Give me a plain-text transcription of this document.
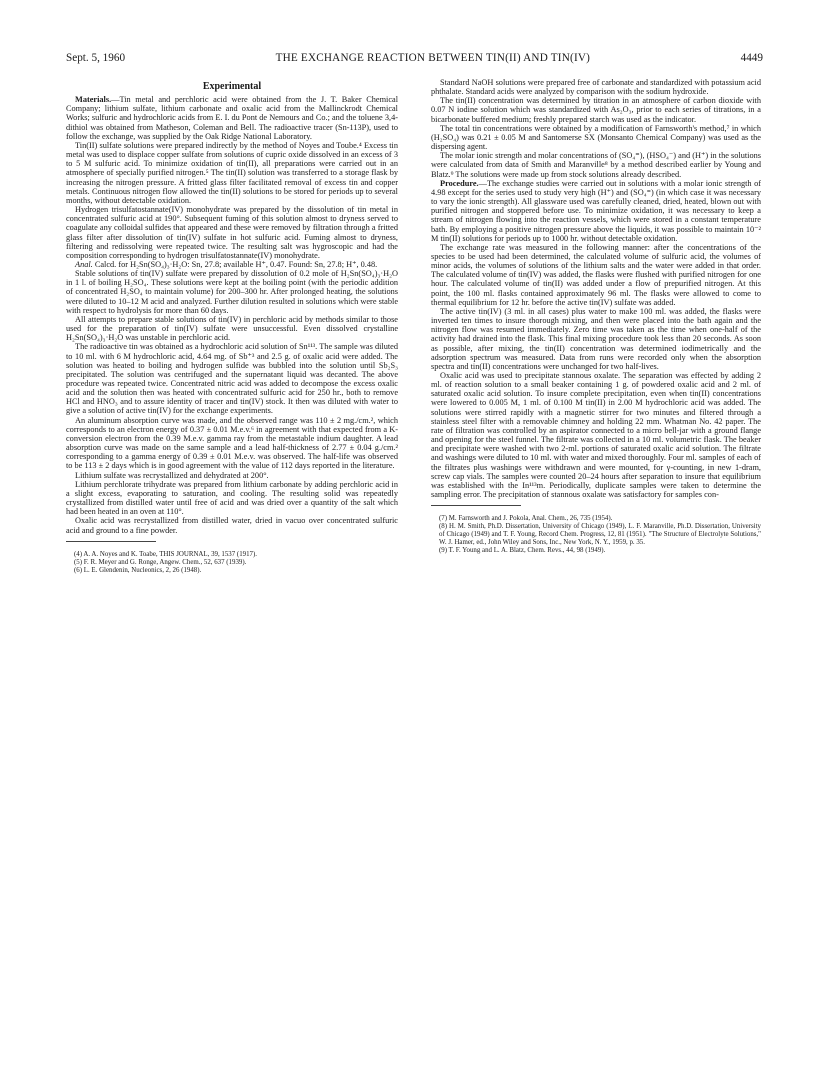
Sept. 5, 1960	THE EXCHANGE REACTION BETWEEN TIN(II) AND TIN(IV)	4449
Experimental

Materials.—Tin metal and perchloric acid were obtained from the J. T. Baker Chemical Company; lithium sulfate, lithium carbonate and oxalic acid from the Mallinckrodt Chemical Works; sulfuric and hydrochloric acids from E. I. du Pont de Nemours and Co.; and the toluene 3,4-dithiol was obtained from Matheson, Coleman and Bell. The radioactive tracer (Sn-113P), used to follow the exchange, was supplied by the Oak Ridge National Laboratory.

Tin(II) sulfate solutions were prepared indirectly by the method of Noyes and Toube.⁴ Excess tin metal was used to displace copper sulfate from solutions of cupric oxide dissolved in an excess of 3 to 5 M sulfuric acid. To minimize oxidation of tin(II), all preparations were carried out in an atmosphere of specially purified nitrogen.⁵ The tin(II) solution was transferred to a storage flask by increasing the nitrogen pressure. A fritted glass filter facilitated removal of excess tin and copper metals. Continuous nitrogen flow allowed the tin(II) solutions to be stored for periods up to several months, without detectable oxidation.

Hydrogen trisulfatostannate(IV) monohydrate was prepared by the dissolution of tin metal in concentrated sulfuric acid at 190°. Subsequent fuming of this solution almost to dryness served to coagulate any colloidal sulfides that appeared and these were removed by filtration through a fritted glass filter after dissolution of tin(IV) sulfate in hot sulfuric acid. Fuming almost to dryness, filtering and redissolving were repeated twice. The resulting salt was hygroscopic and had the composition corresponding to hydrogen trisulfatostannate(IV) monohydrate.

Anal. Calcd. for H₂Sn(SO₄)₃·H₂O: Sn, 27.8; available H⁺, 0.47. Found: Sn, 27.8; H⁺, 0.48.

Stable solutions of tin(IV) sulfate were prepared by dissolution of 0.2 mole of H₂Sn(SO₄)₃·H₂O in 1 l. of boiling H₂SO₄. These solutions were kept at the boiling point (with the periodic addition of concentrated H₂SO₄ to maintain volume) for 200–300 hr. After prolonged heating, the solutions were diluted to 10–12 M acid and analyzed. Further dilution resulted in solutions which were stable with respect to hydrolysis for more than 60 days.

All attempts to prepare stable solutions of tin(IV) in perchloric acid by methods similar to those used for the preparation of tin(IV) sulfate were unsuccessful. Even dissolved crystalline H₂Sn(SO₄)₃·H₂O was unstable in perchloric acid.

The radioactive tin was obtained as a hydrochloric acid solution of Sn¹¹³. The sample was diluted to 10 ml. with 6 M hydrochloric acid, 4.64 mg. of Sb⁺³ and 2.5 g. of oxalic acid were added. The solution was heated to boiling and hydrogen sulfide was bubbled into the solution until Sb₂S₃ precipitated. The solution was centrifuged and the supernatant liquid was decanted. The above procedure was repeated twice. Concentrated nitric acid was added to decompose the excess oxalic acid and the solution then was heated with concentrated sulfuric acid for 250 hr., both to remove HCl and HNO₃ and to assure identity of tracer and tin(IV) stock. It then was diluted with water to give a solution of active tin(IV) for the exchange experiments.

An aluminum absorption curve was made, and the observed range was 110 ± 2 mg./cm.², which corresponds to an electron energy of 0.37 ± 0.01 M.e.v.⁶ in agreement with that expected from a K-conversion electron from the 0.39 M.e.v. gamma ray from the metastable indium daughter. A lead absorption curve was made on the same sample and a lead half-thickness of 2.77 ± 0.04 g./cm.² corresponding to a gamma energy of 0.39 ± 0.01 M.e.v. was observed. The half-life was observed to be 113 ± 2 days which is in good agreement with the value of 112 days reported in the literature.

Lithium sulfate was recrystallized and dehydrated at 200°.

Lithium perchlorate trihydrate was prepared from lithium carbonate by adding perchloric acid in a slight excess, evaporating to saturation, and cooling. The resulting solid was repeatedly crystallized from distilled water until free of acid and was dried over a quantity of the salt which had been heated in an oven at 110°.

Oxalic acid was recrystallized from distilled water, dried in vacuo over concentrated sulfuric acid and ground to a fine powder.

(4) A. A. Noyes and K. Toabe, THIS JOURNAL, 39, 1537 (1917).

(5) F. R. Meyer and G. Ronge, Angew. Chem., 52, 637 (1939).

(6) L. E. Glendenin, Nucleonics, 2, 26 (1948).

Standard NaOH solutions were prepared free of carbonate and standardized with potassium acid phthalate. Standard acids were analyzed by comparison with the sodium hydroxide.

The tin(II) concentration was determined by titration in an atmosphere of carbon dioxide with 0.07 N iodine solution which was standardized with As₂O₃, prior to each series of titrations, in a bicarbonate buffered medium; freshly prepared starch was used as the indicator.

The total tin concentrations were obtained by a modification of Farnsworth's method,⁷ in which (H₂SO₄) was 0.21 ± 0.05 M and Santomerse SX (Monsanto Chemical Company) was used as the dispersing agent.

The molar ionic strength and molar concentrations of (SO₄⁼), (HSO₄⁻) and (H⁺) in the solutions were calculated from data of Smith and Maranville⁸ by a method described earlier by Young and Blatz.⁹ The solutions were made up from stock solutions already described.

Procedure.—The exchange studies were carried out in solutions with a molar ionic strength of 4.98 except for the series used to study very high (H⁺) and (SO₄⁼) (in which case it was necessary to vary the ionic strength). All glassware used was carefully cleaned, dried, heated, blown out with purified nitrogen and stoppered before use. To minimize oxidation, it was necessary to keep a stream of nitrogen flowing into the reaction vessels, which were stored in a constant temperature bath. By employing a positive nitrogen pressure above the liquids, it was possible to maintain 10⁻² M tin(II) solutions for periods up to 1000 hr. without detectable oxidation.

The exchange rate was measured in the following manner: after the concentrations of the species to be used had been determined, the calculated volume of sulfuric acid, the volumes of minor acids, the volumes of solutions of the lithium salts and the water were added in that order. The calculated volume of tin(IV) was added, the flasks were flushed with purified nitrogen for one hour. The calculated volume of tin(II) was added under a flow of prepurified nitrogen. At this point, the 100 ml. flasks contained approximately 96 ml. The flasks were allowed to come to thermal equilibrium for 12 hr. before the active tin(IV) sulfate was added.

The active tin(IV) (3 ml. in all cases) plus water to make 100 ml. was added, the flasks were inverted ten times to insure thorough mixing, and then were placed into the bath again and the nitrogen flow was resumed immediately. Zero time was taken as the time when one-half of the activity had drained into the flask. This final mixing procedure took less than 20 seconds. As soon as possible, after mixing, the tin(II) concentration was determined iodimetrically and the adsorption spectrum was measured. Data from runs were recorded only when the absorption spectra and tin(II) concentrations were unchanged for two half-lives.

Oxalic acid was used to precipitate stannous oxalate. The separation was effected by adding 2 ml. of reaction solution to a small beaker containing 1 g. of powdered oxalic acid and 2 ml. of saturated oxalic acid solution. To insure complete precipitation, even when tin(II) concentrations were lowered to 0.005 M, 1 ml. of 0.100 M tin(II) in 2.00 M hydrochloric acid was added. The solutions were stirred rapidly with a magnetic stirrer for two minutes and filtered through a stainless steel filter with a removable chimney and holding 22 mm. Whatman No. 42 paper. The rate of filtration was controlled by an aspirator connected to a micro bell-jar with a ground flange and opening for the steel funnel. The filtrate was collected in a 10 ml. volumetric flask. The beaker and precipitate were washed with two 2-ml. portions of saturated oxalic acid solution. The filtrate and washings were diluted to 10 ml. with water and mixed thoroughly. Four ml. samples of each of the filtrates plus washings were withdrawn and were mounted, for γ-counting, in new 1-dram, screw cap vials. The samples were counted 20–24 hours after separation to insure that equilibrium was established with the In¹¹³m. Periodically, duplicate samples were taken to determine the sampling error. The precipitation of stannous oxalate was satisfactory for samples con-

(7) M. Farnsworth and J. Pokola, Anal. Chem., 26, 735 (1954).

(8) H. M. Smith, Ph.D. Dissertation, University of Chicago (1949), L. F. Maranville, Ph.D. Dissertation, University of Chicago (1949) and T. F. Young, Record Chem. Progress, 12, 81 (1951). "The Structure of Electrolyte Solutions," W. J. Hamer, ed., John Wiley and Sons, Inc., New York, N. Y., 1959, p. 35.

(9) T. F. Young and L. A. Blatz, Chem. Revs., 44, 98 (1949).
